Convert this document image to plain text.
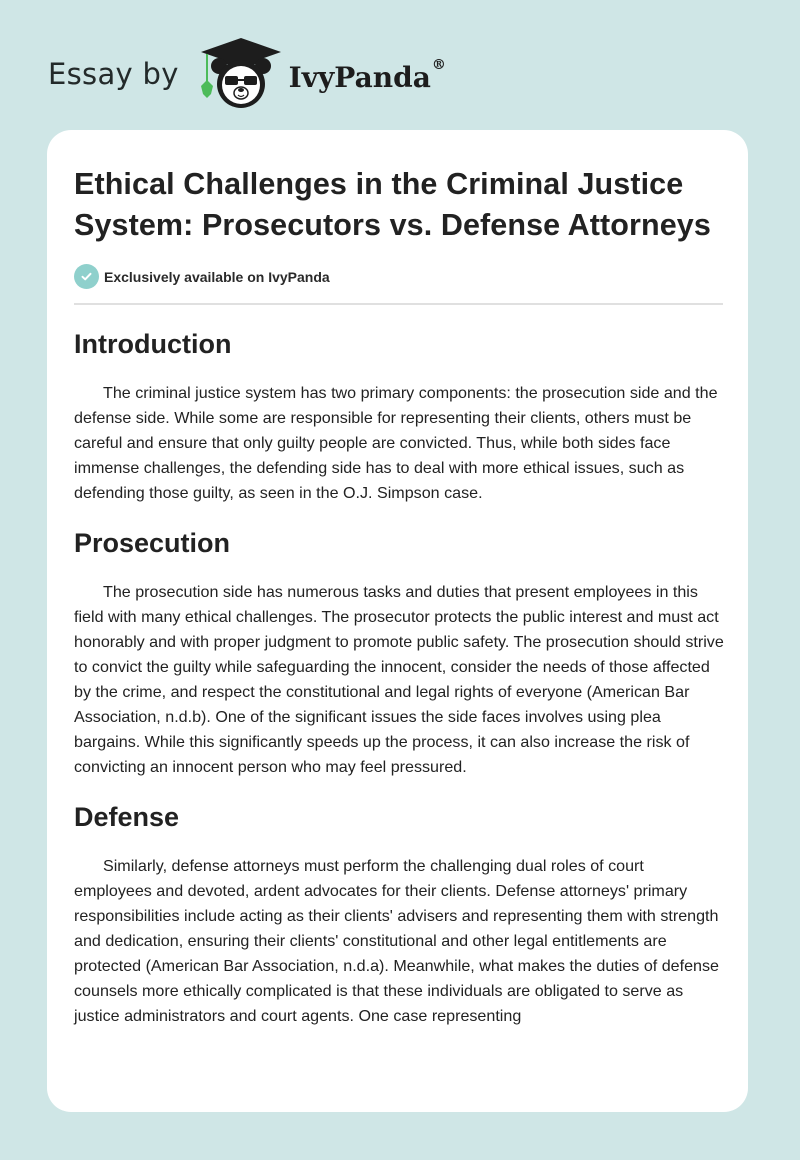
Essay by	IvyPanda®
Ethical Challenges in the Criminal Justice System: Prosecutors vs. Defense Attorneys
Exclusively available on IvyPanda
Introduction

The criminal justice system has two primary components: the prosecution side and the defense side. While some are responsible for representing their clients, others must be careful and ensure that only guilty people are convicted. Thus, while both sides face immense challenges, the defending side has to deal with more ethical issues, such as defending those guilty, as seen in the O.J. Simpson case.

Prosecution

The prosecution side has numerous tasks and duties that present employees in this field with many ethical challenges. The prosecutor protects the public interest and must act honorably and with proper judgment to promote public safety. The prosecution should strive to convict the guilty while safeguarding the innocent, consider the needs of those affected by the crime, and respect the constitutional and legal rights of everyone (American Bar Association, n.d.b). One of the significant issues the side faces involves using plea bargains. While this significantly speeds up the process, it can also increase the risk of convicting an innocent person who may feel pressured.

Defense

Similarly, defense attorneys must perform the challenging dual roles of court employees and devoted, ardent advocates for their clients. Defense attorneys' primary responsibilities include acting as their clients' advisers and representing them with strength and dedication, ensuring their clients' constitutional and other legal entitlements are protected (American Bar Association, n.d.a). Meanwhile, what makes the duties of defense counsels more ethically complicated is that these individuals are obligated to serve as justice administrators and court agents. One case representing
